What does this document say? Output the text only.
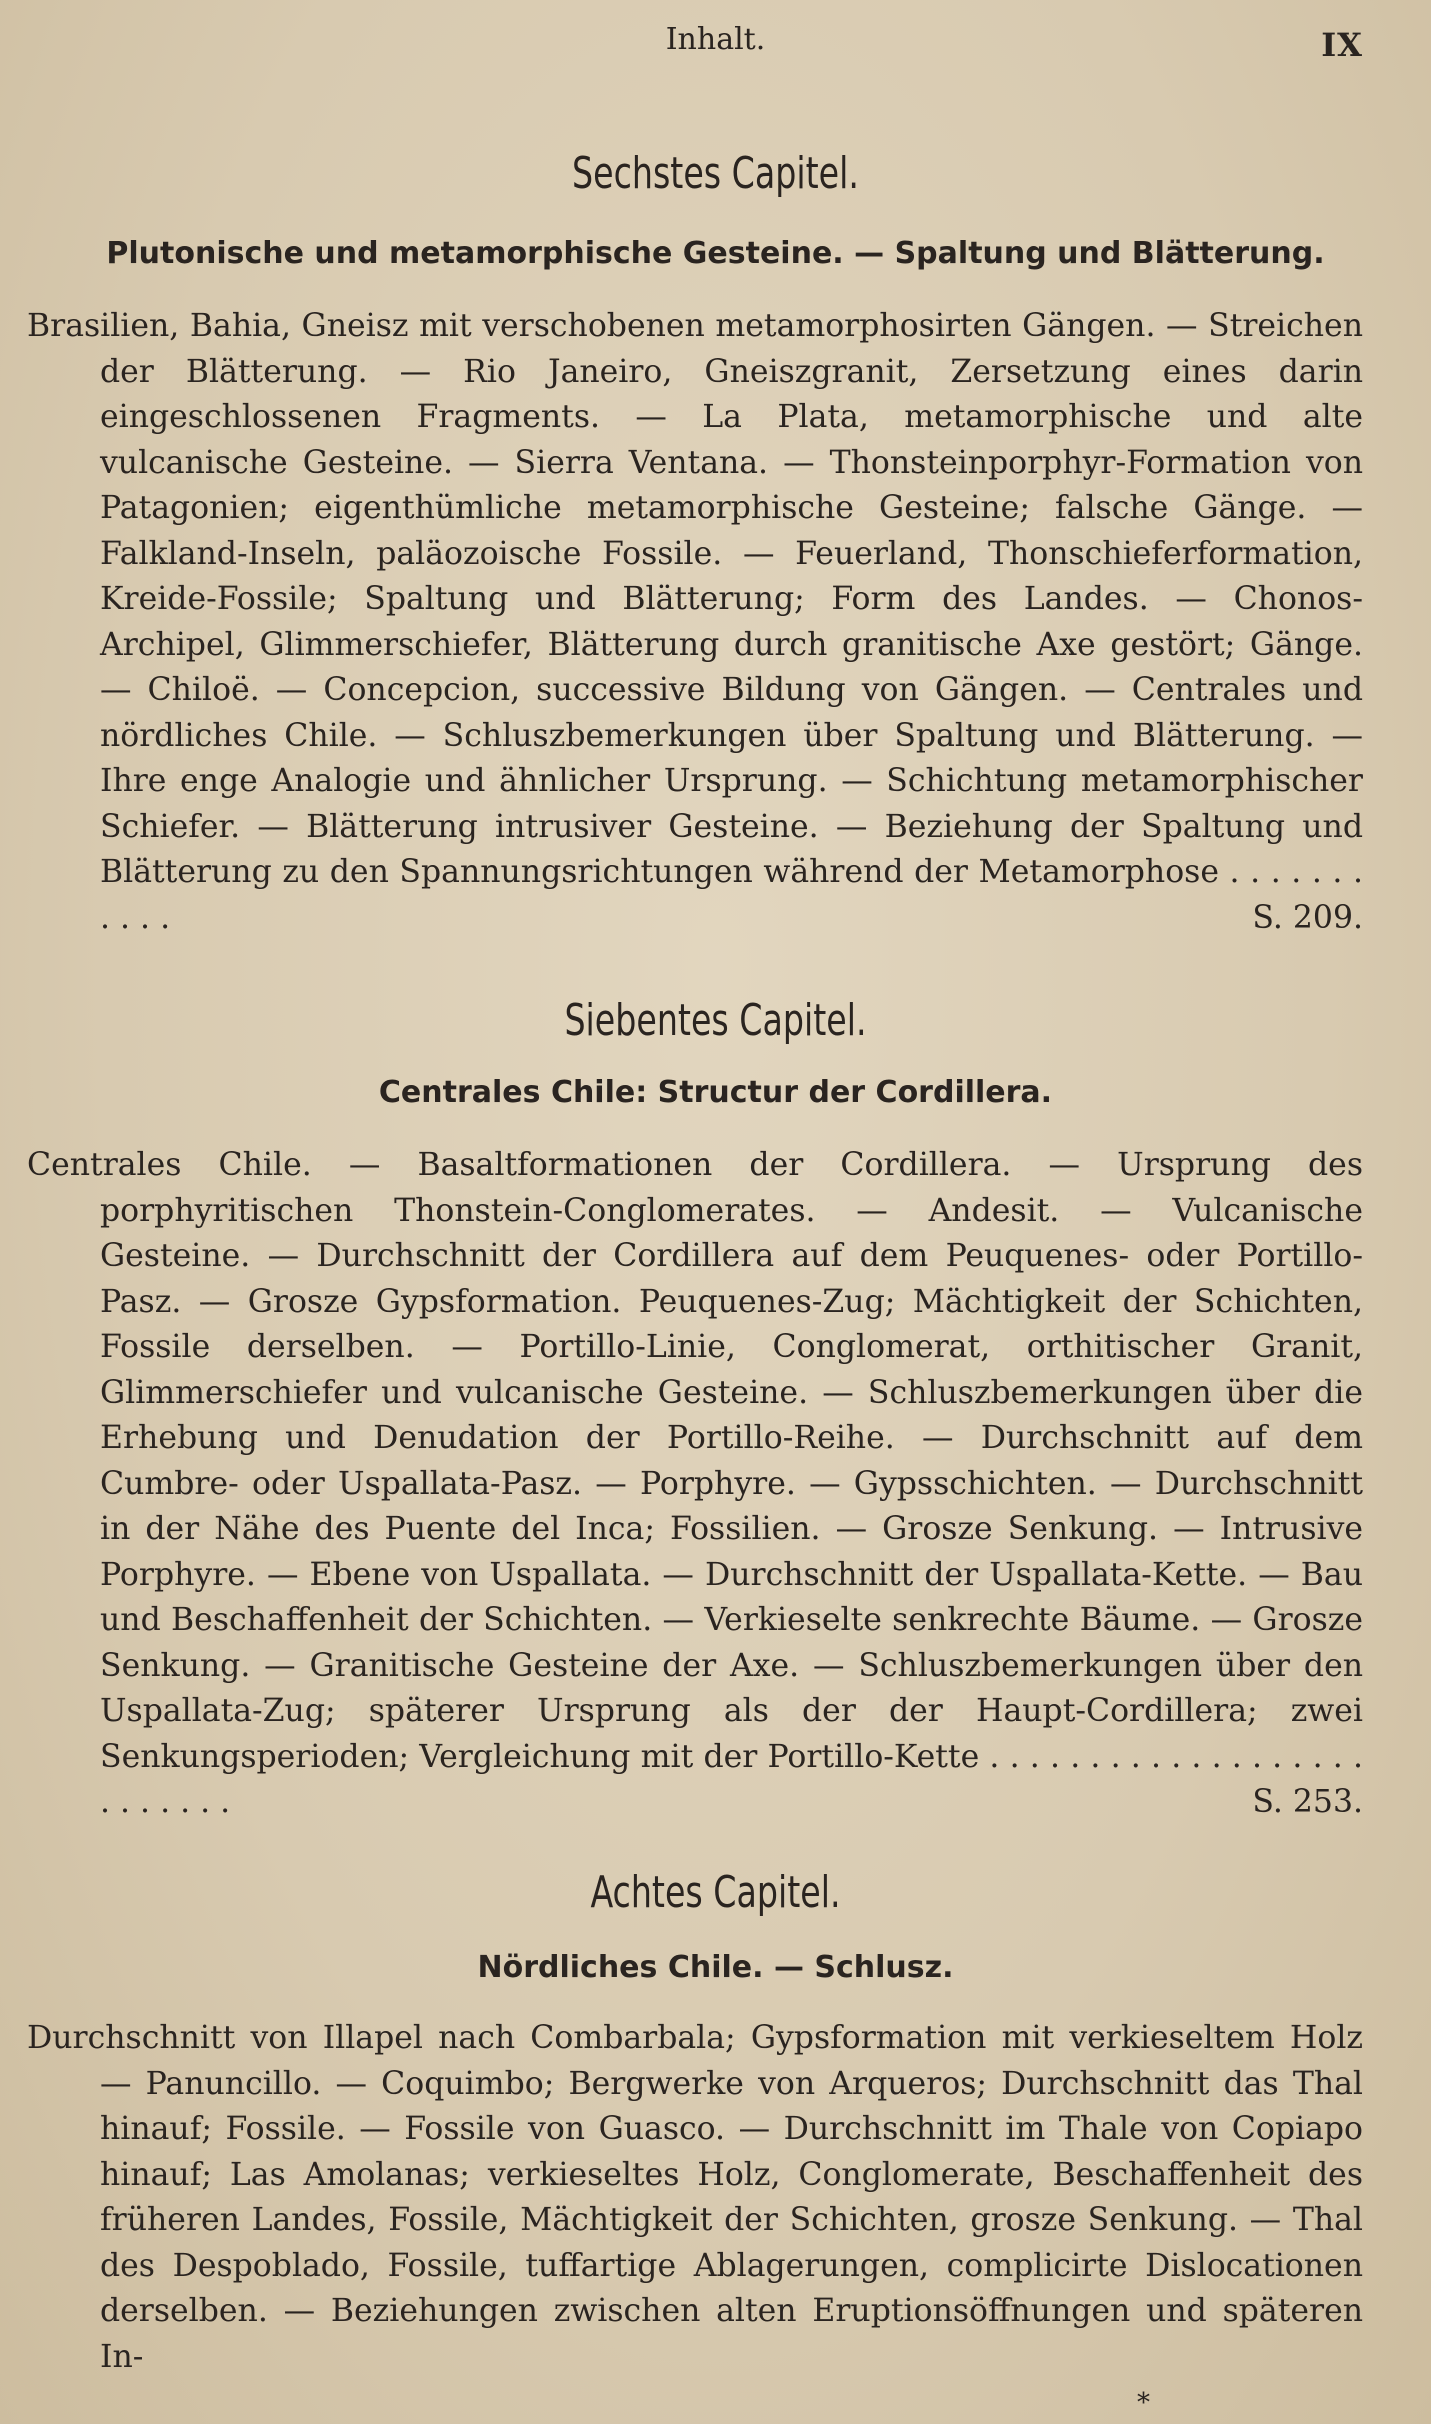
Inhalt.	IX
Sechstes Capitel.
Plutonische und metamorphische Gesteine. — Spaltung und Blätterung.
Brasilien, Bahia, Gneisz mit verschobenen metamorphosirten Gängen. — Streichen der Blätterung. — Rio Janeiro, Gneiszgranit, Zersetzung eines darin eingeschlossenen Fragments. — La Plata, metamorphische und alte vulcanische Gesteine. — Sierra Ventana. — Thonsteinporphyr-Formation von Patagonien; eigenthümliche metamorphische Gesteine; falsche Gänge. — Falkland-Inseln, paläozoische Fossile. — Feuerland, Thonschieferformation, Kreide-Fossile; Spaltung und Blätterung; Form des Landes. — Chonos-Archipel, Glimmerschiefer, Blätterung durch granitische Axe gestört; Gänge. — Chiloë. — Concepcion, successive Bildung von Gängen. — Centrales und nördliches Chile. — Schluszbemerkungen über Spaltung und Blätterung. — Ihre enge Analogie und ähnlicher Ursprung. — Schichtung metamorphischer Schiefer. — Blätterung intrusiver Gesteine. — Beziehung der Spaltung und Blätterung zu den Spannungsrichtungen während der Metamorphose . . . . . . . . . . .	S. 209.
Siebentes Capitel.
Centrales Chile: Structur der Cordillera.
Centrales Chile. — Basaltformationen der Cordillera. — Ursprung des porphyritischen Thonstein-Conglomerates. — Andesit. — Vulcanische Gesteine. — Durchschnitt der Cordillera auf dem Peuquenes- oder Portillo-Pasz. — Grosze Gypsformation. Peuquenes-Zug; Mächtigkeit der Schichten, Fossile derselben. — Portillo-Linie, Conglomerat, orthitischer Granit, Glimmerschiefer und vulcanische Gesteine. — Schluszbemerkungen über die Erhebung und Denudation der Portillo-Reihe. — Durchschnitt auf dem Cumbre- oder Uspallata-Pasz. — Porphyre. — Gypsschichten. — Durchschnitt in der Nähe des Puente del Inca; Fossilien. — Grosze Senkung. — Intrusive Porphyre. — Ebene von Uspallata. — Durchschnitt der Uspallata-Kette. — Bau und Beschaffenheit der Schichten. — Verkieselte senkrechte Bäume. — Grosze Senkung. — Granitische Gesteine der Axe. — Schluszbemerkungen über den Uspallata-Zug; späterer Ursprung als der der Haupt-Cordillera; zwei Senkungsperioden; Vergleichung mit der Portillo-Kette . . . . . . . . . . . . . . . . . . . . . . . . . .	S. 253.
Achtes Capitel.
Nördliches Chile. — Schlusz.
Durchschnitt von Illapel nach Combarbala; Gypsformation mit verkieseltem Holz — Panuncillo. — Coquimbo; Bergwerke von Arqueros; Durchschnitt das Thal hinauf; Fossile. — Fossile von Guasco. — Durchschnitt im Thale von Copiapo hinauf; Las Amolanas; verkieseltes Holz, Conglomerate, Beschaffenheit des früheren Landes, Fossile, Mächtigkeit der Schichten, grosze Senkung. — Thal des Despoblado, Fossile, tuffartige Ablagerungen, complicirte Dislocationen derselben. — Beziehungen zwischen alten Eruptionsöffnungen und späteren In-
*
